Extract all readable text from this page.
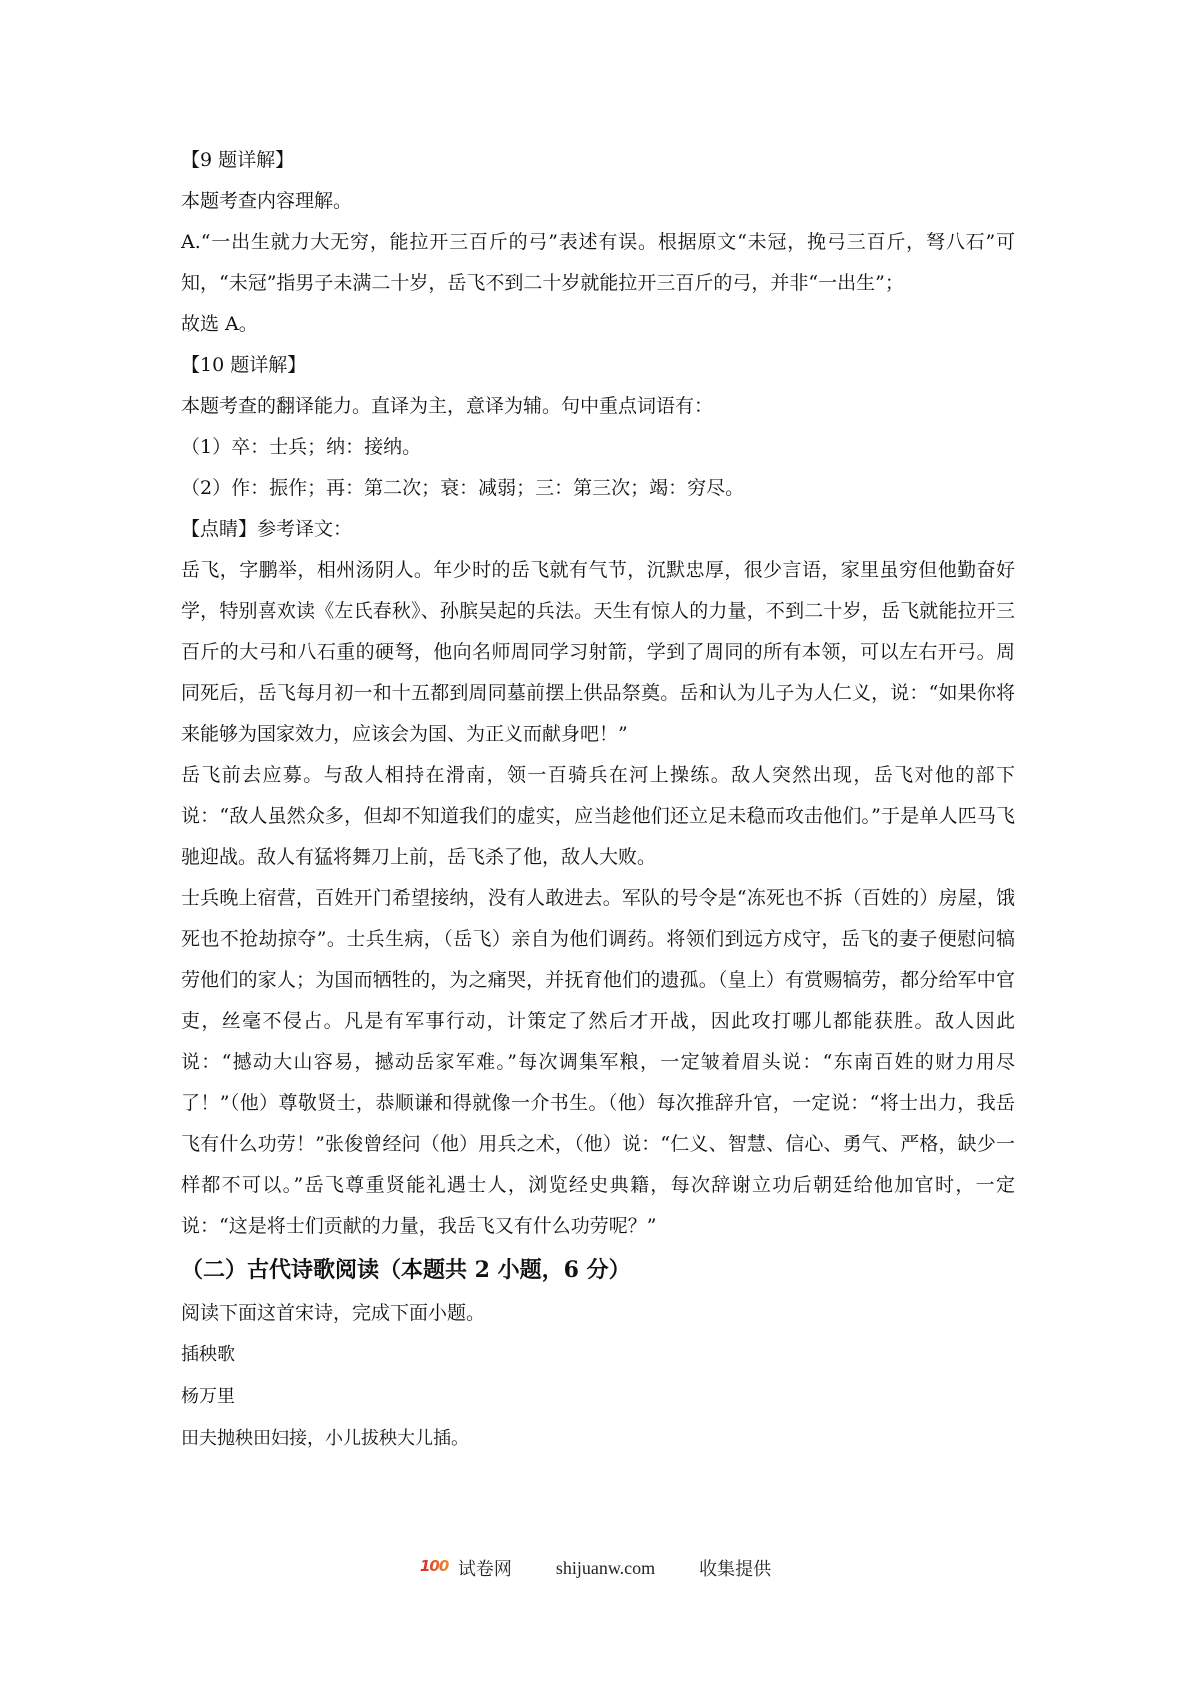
【9 题详解】

本题考查内容理解。

A.“一出生就力大无穷，能拉开三百斤的弓”表述有误。根据原文“未冠，挽弓三百斤，弩八石”可知，“未冠”指男子未满二十岁，岳飞不到二十岁就能拉开三百斤的弓，并非“一出生”；

故选 A。

【10 题详解】

本题考查的翻译能力。直译为主，意译为辅。句中重点词语有：

（1）卒：士兵；纳：接纳。

（2）作：振作；再：第二次；衰：减弱；三：第三次；竭：穷尽。

【点睛】参考译文：

岳飞，字鹏举，相州汤阴人。年少时的岳飞就有气节，沉默忠厚，很少言语，家里虽穷但他勤奋好学，特别喜欢读《左氏春秋》、孙膑吴起的兵法。天生有惊人的力量，不到二十岁，岳飞就能拉开三百斤的大弓和八石重的硬弩，他向名师周同学习射箭，学到了周同的所有本领，可以左右开弓。周同死后，岳飞每月初一和十五都到周同墓前摆上供品祭奠。岳和认为儿子为人仁义，说：“如果你将来能够为国家效力，应该会为国、为正义而献身吧！”

岳飞前去应募。与敌人相持在滑南，领一百骑兵在河上操练。敌人突然出现，岳飞对他的部下说：“敌人虽然众多，但却不知道我们的虚实，应当趁他们还立足未稳而攻击他们。”于是单人匹马飞驰迎战。敌人有猛将舞刀上前，岳飞杀了他，敌人大败。

士兵晚上宿营，百姓开门希望接纳，没有人敢进去。军队的号令是“冻死也不拆（百姓的）房屋，饿死也不抢劫掠夺”。士兵生病，（岳飞）亲自为他们调药。将领们到远方戍守，岳飞的妻子便慰问犒劳他们的家人；为国而牺牲的，为之痛哭，并抚育他们的遗孤。（皇上）有赏赐犒劳，都分给军中官吏，丝毫不侵占。凡是有军事行动，计策定了然后才开战，因此攻打哪儿都能获胜。敌人因此说：“撼动大山容易，撼动岳家军难。”每次调集军粮，一定皱着眉头说：“东南百姓的财力用尽了！”（他）尊敬贤士，恭顺谦和得就像一介书生。（他）每次推辞升官，一定说：“将士出力，我岳飞有什么功劳！”张俊曾经问（他）用兵之术，（他）说：“仁义、智慧、信心、勇气、严格，缺少一样都不可以。”岳飞尊重贤能礼遇士人，浏览经史典籍，每次辞谢立功后朝廷给他加官时，一定说：“这是将士们贡献的力量，我岳飞又有什么功劳呢？”

（二）古代诗歌阅读（本题共 2 小题，6 分）

阅读下面这首宋诗，完成下面小题。

插秧歌

杨万里

田夫抛秧田妇接，小儿拔秧大儿插。

100 试卷网 shijuanw.com 收集提供
